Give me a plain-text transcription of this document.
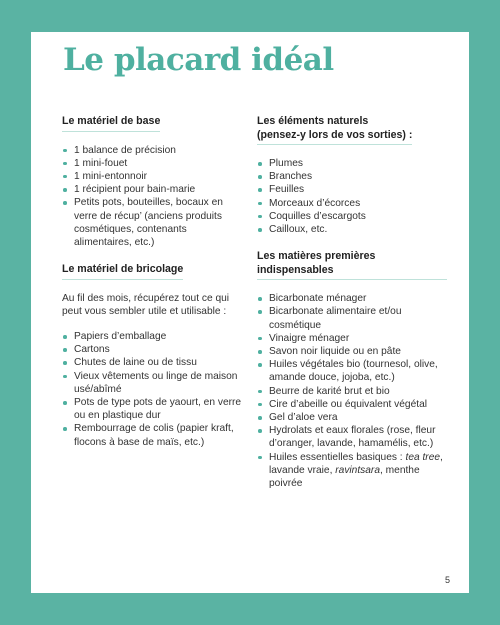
Le placard idéal
Le matériel de base
1 balance de précision
1 mini-fouet
1 mini-entonnoir
1 récipient pour bain-marie
Petits pots, bouteilles, bocaux en verre de récup’ (anciens produits cosmétiques, contenants alimentaires, etc.)
Le matériel de bricolage

Au fil des mois, récupérez tout ce qui peut vous sembler utile et utilisable :

Papiers d’emballage
Cartons
Chutes de laine ou de tissu
Vieux vêtements ou linge de maison usé/abîmé
Pots de type pots de yaourt, en verre ou en plastique dur
Rembourrage de colis (papier kraft, flocons à base de maïs, etc.)
Les éléments naturels
(pensez-y lors de vos sorties) :
Plumes
Branches
Feuilles
Morceaux d’écorces
Coquilles d’escargots
Cailloux, etc.
Les matières premières indispensables
Bicarbonate ménager
Bicarbonate alimentaire et/ou cosmétique
Vinaigre ménager
Savon noir liquide ou en pâte
Huiles végétales bio (tournesol, olive, amande douce, jojoba, etc.)
Beurre de karité brut et bio
Cire d’abeille ou équivalent végétal
Gel d’aloe vera
Hydrolats et eaux florales (rose, fleur d’oranger, lavande, hamamélis, etc.)
Huiles essentielles basiques : tea tree, lavande vraie, ravintsara, menthe poivrée
5
